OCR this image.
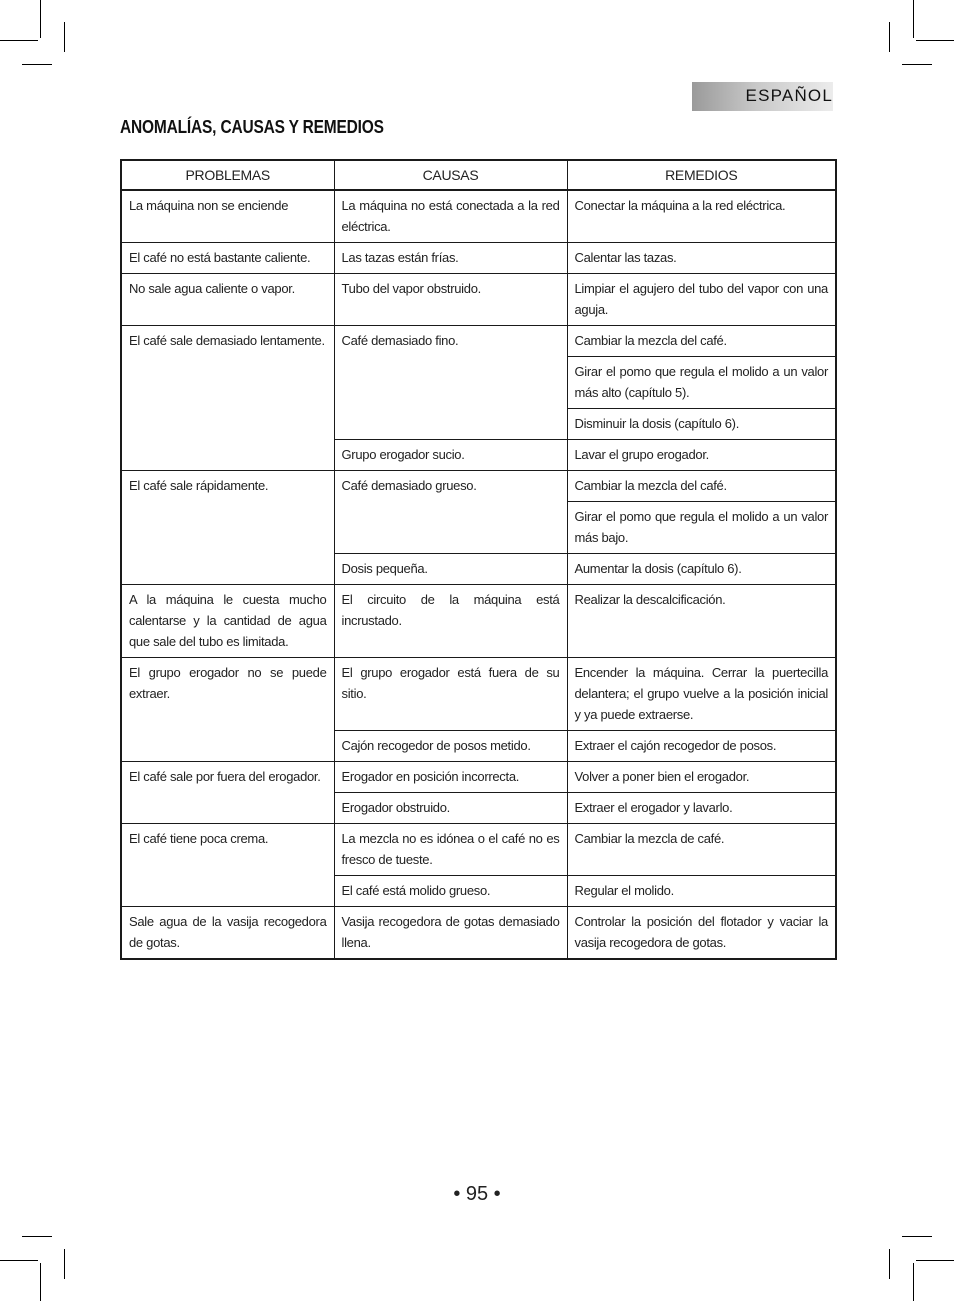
ESPAÑOL
ANOMALÍAS, CAUSAS Y REMEDIOS
PROBLEMAS	CAUSAS	REMEDIOS
La máquina non se enciende	La máquina no está conectada a la red eléctrica.	Conectar la máquina a la red eléctrica.
El café no está bastante caliente.	Las tazas están frías.	Calentar las tazas.
No sale agua caliente o vapor.	Tubo del vapor obstruido.	Limpiar el agujero del tubo del vapor con una aguja.
El café sale demasiado lentamente.	Café demasiado fino.	Cambiar la mezcla del café.
		Girar el pomo que regula el molido a un valor más alto (capítulo 5).
		Disminuir la dosis (capítulo 6).
	Grupo erogador sucio.	Lavar el grupo erogador.
El café sale rápidamente.	Café demasiado grueso.	Cambiar la mezcla del café.
		Girar el pomo que regula el molido a un valor más bajo.
	Dosis pequeña.	Aumentar la dosis (capítulo 6).
A la máquina le cuesta mucho calentarse y la cantidad de agua que sale del tubo es limitada.	El circuito de la máquina está incrustado.	Realizar la descalcificación.
El grupo erogador no se puede extraer.	El grupo erogador está fuera de su sitio.	Encender la máquina. Cerrar la puertecilla delantera; el grupo vuelve a la posición inicial y ya puede extraerse.
	Cajón recogedor de posos metido.	Extraer el cajón recogedor de posos.
El café sale por fuera del erogador.	Erogador en posición incorrecta.	Volver a poner bien el erogador.
	Erogador obstruido.	Extraer el erogador y lavarlo.
El café tiene poca crema.	La mezcla no es idónea o el café no es fresco de tueste.	Cambiar la mezcla de café.
	El café está molido grueso.	Regular el molido.
Sale agua de la vasija recogedora de gotas.	Vasija recogedora de gotas demasiado llena.	Controlar la posición del flotador y vaciar la vasija recogedora de gotas.
• 95 •
